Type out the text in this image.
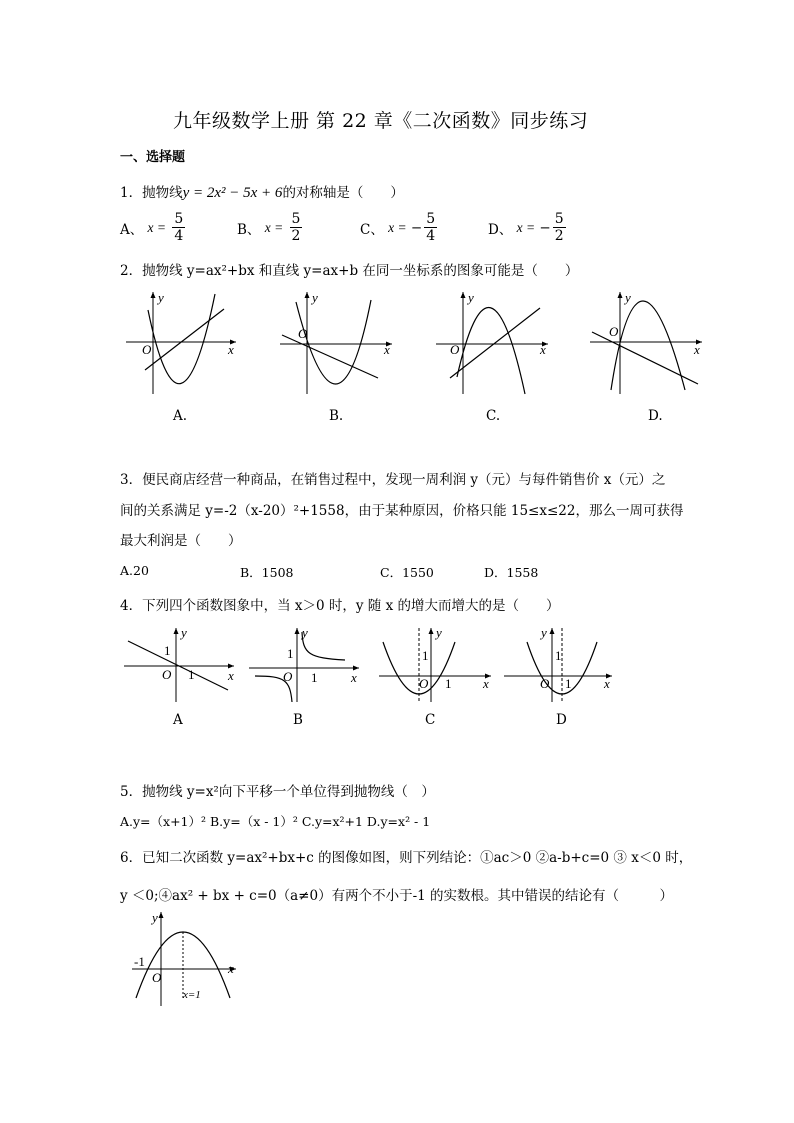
九年级数学上册 第 22 章《二次函数》同步练习
一、选择题
1．抛物线y = 2x² − 5x + 6的对称轴是（　　）
A、
x =
$\frac{5}{4}$	B、
x =
$\frac{5}{2}$	C、
x =
− $\frac{5}{4}$	D、
x =
− $\frac{5}{2}$
2．抛物线 y=ax²+bx 和直线 y=ax+b 在同一坐标系的图象可能是（　　）
y
x
O
A.
y
x
O
B.
y
x
O
C.
y
x
O
D.
3．便民商店经营一种商品，在销售过程中，发现一周利润 y（元）与每件销售价 x（元）之
间的关系满足 y=-2（x-20）²+1558，由于某种原因，价格只能 15≤x≤22，那么一周可获得
最大利润是（　　）
A.20	B．1508	C．1550	D．1558
4．下列四个函数图象中，当 x＞0 时，y 随 x 的增大而增大的是（　　）
y
x
O 1
1
A
y
x
O 1
1
B
y
x
O 1
1
C
y
x
O 1
1
D
5．抛物线 y=x²向下平移一个单位得到抛物线（　）
A.y=（x+1）² B.y=（x - 1）² C.y=x²+1 D.y=x² - 1
6．已知二次函数 y=ax²+bx+c 的图像如图，则下列结论：①ac＞0 ②a-b+c=0 ③ x＜0 时，
y ＜0;④ax² + bx + c=0（a≠0）有两个不小于-1 的实数根。其中错误的结论有（　　　）
y
x
O
-1
x=1
